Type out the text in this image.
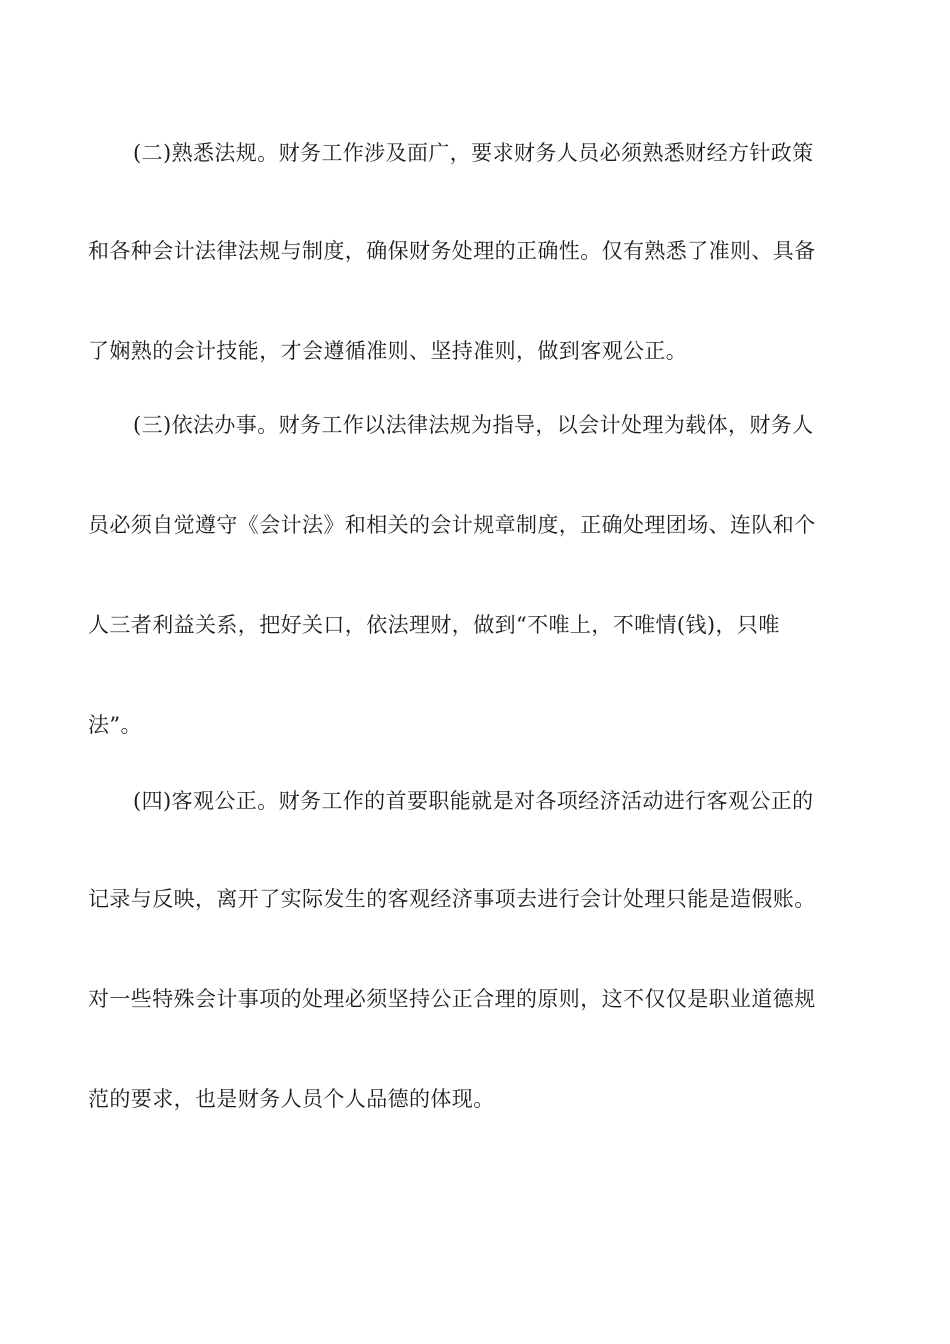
(二)熟悉法规。财务工作涉及面广，要求财务人员必须熟悉财经方针政策
和各种会计法律法规与制度，确保财务处理的正确性。仅有熟悉了准则、具备
了娴熟的会计技能，才会遵循准则、坚持准则，做到客观公正。
(三)依法办事。财务工作以法律法规为指导，以会计处理为载体，财务人
员必须自觉遵守《会计法》和相关的会计规章制度，正确处理团场、连队和个
人三者利益关系，把好关口，依法理财，做到“不唯上，不唯情(钱)，只唯
法”。
(四)客观公正。财务工作的首要职能就是对各项经济活动进行客观公正的
记录与反映，离开了实际发生的客观经济事项去进行会计处理只能是造假账。
对一些特殊会计事项的处理必须坚持公正合理的原则，这不仅仅是职业道德规
范的要求，也是财务人员个人品德的体现。
